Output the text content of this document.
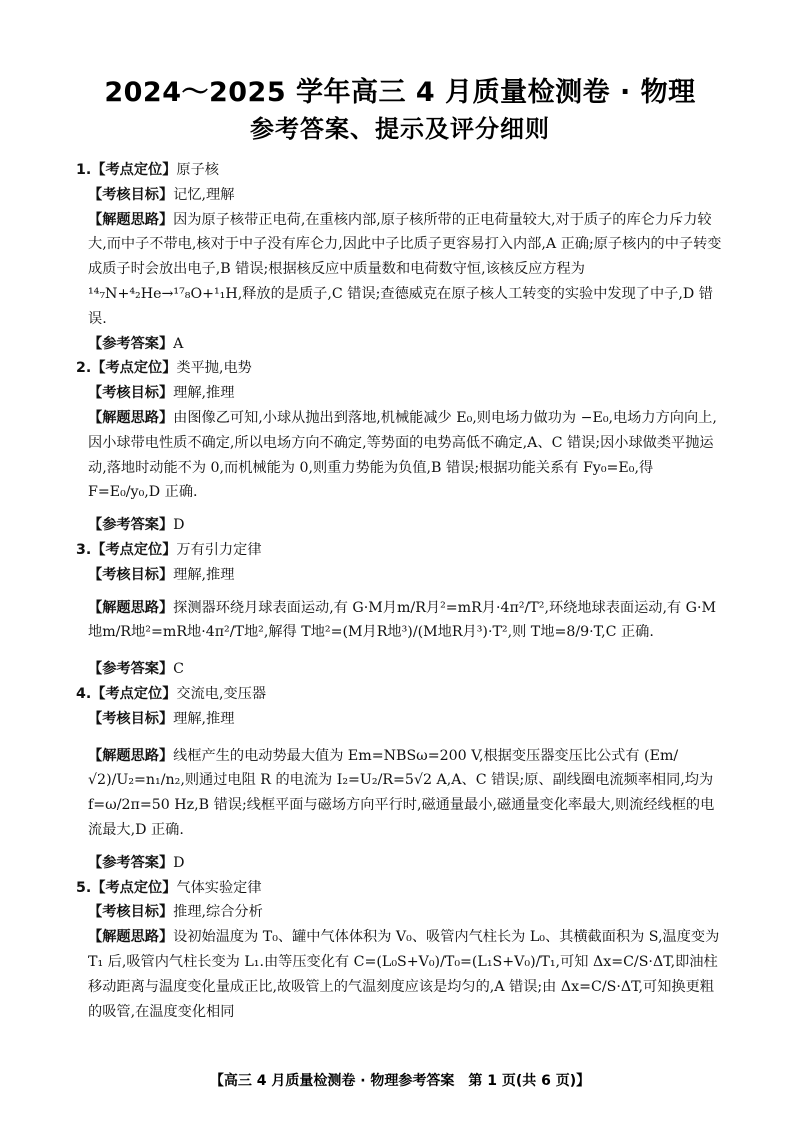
2024～2025 学年高三 4 月质量检测卷 · 物理
参考答案、提示及评分细则

1.【考点定位】原子核

【考核目标】记忆,理解

【解题思路】因为原子核带正电荷,在重核内部,原子核所带的正电荷量较大,对于质子的库仑力斥力较大,而中子不带电,核对于中子没有库仑力,因此中子比质子更容易打入内部,A 正确;原子核内的中子转变成质子时会放出电子,B 错误;根据核反应中质量数和电荷数守恒,该核反应方程为¹⁴₇N+⁴₂He→¹⁷₈O+¹₁H,释放的是质子,C 错误;查德威克在原子核人工转变的实验中发现了中子,D 错误.

【参考答案】A

2.【考点定位】类平抛,电势

【考核目标】理解,推理

【解题思路】由图像乙可知,小球从抛出到落地,机械能减少 E₀,则电场力做功为 −E₀,电场力方向向上,因小球带电性质不确定,所以电场方向不确定,等势面的电势高低不确定,A、C 错误;因小球做类平抛运动,落地时动能不为 0,而机械能为 0,则重力势能为负值,B 错误;根据功能关系有 Fy₀=E₀,得 F=E₀/y₀,D 正确.

【参考答案】D

3.【考点定位】万有引力定律

【考核目标】理解,推理

【解题思路】探测器环绕月球表面运动,有 G·M月m/R月²=mR月·4π²/T²,环绕地球表面运动,有 G·M地m/R地²=mR地·4π²/T地²,解得 T地²=(M月R地³)/(M地R月³)·T²,则 T地=8/9·T,C 正确.

【参考答案】C

4.【考点定位】交流电,变压器

【考核目标】理解,推理

【解题思路】线框产生的电动势最大值为 Em=NBSω=200 V,根据变压器变压比公式有 (Em/√2)/U₂=n₁/n₂,则通过电阻 R 的电流为 I₂=U₂/R=5√2 A,A、C 错误;原、副线圈电流频率相同,均为 f=ω/2π=50 Hz,B 错误;线框平面与磁场方向平行时,磁通量最小,磁通量变化率最大,则流经线框的电流最大,D 正确.

【参考答案】D

5.【考点定位】气体实验定律

【考核目标】推理,综合分析

【解题思路】设初始温度为 T₀、罐中气体体积为 V₀、吸管内气柱长为 L₀、其横截面积为 S,温度变为 T₁ 后,吸管内气柱长变为 L₁.由等压变化有 C=(L₀S+V₀)/T₀=(L₁S+V₀)/T₁,可知 Δx=C/S·ΔT,即油柱移动距离与温度变化量成正比,故吸管上的气温刻度应该是均匀的,A 错误;由 Δx=C/S·ΔT,可知换更粗的吸管,在温度变化相同

【高三 4 月质量检测卷 · 物理参考答案　第 1 页(共 6 页)】
